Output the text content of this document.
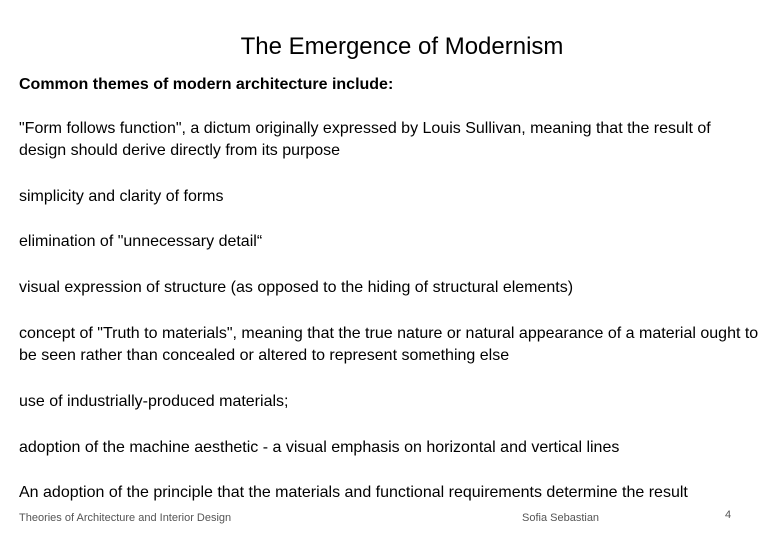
The Emergence of Modernism

Common themes of modern architecture include:

"Form follows function", a dictum originally expressed by Louis Sullivan, meaning that the result of design should derive directly from its purpose

simplicity and clarity of forms

elimination of "unnecessary detail“

visual expression of structure (as opposed to the hiding of structural elements)

concept of "Truth to materials", meaning that the true nature or natural appearance of a material ought to be seen rather than concealed or altered to represent something else

use of industrially-produced materials;

adoption of the machine aesthetic - a visual emphasis on horizontal and vertical lines

An adoption of the principle that the materials and functional requirements determine the result

Theories of Architecture and Interior Design	Sofia Sebastian	4
